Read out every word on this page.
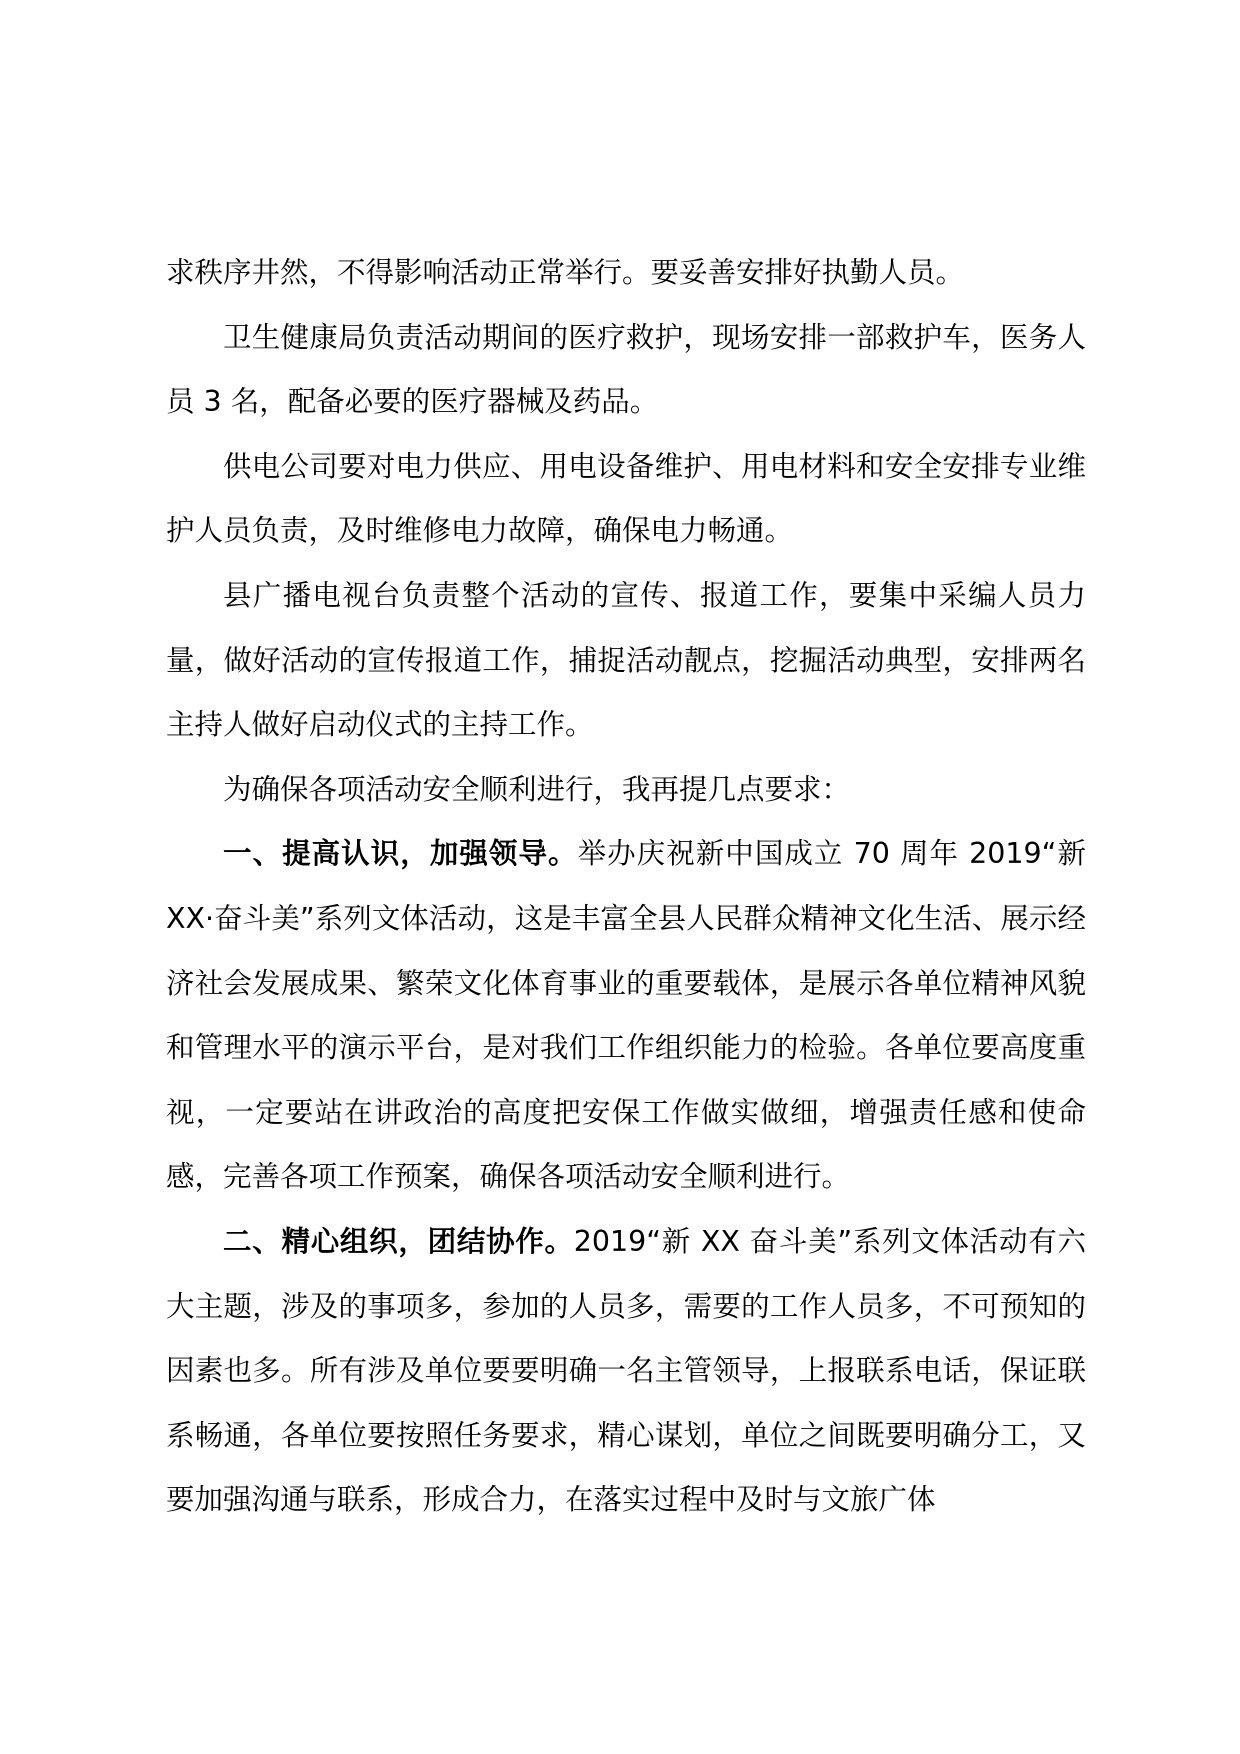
求秩序井然，不得影响活动正常举行。要妥善安排好执勤人员。

卫生健康局负责活动期间的医疗救护，现场安排一部救护车，医务人员 3 名，配备必要的医疗器械及药品。

供电公司要对电力供应、用电设备维护、用电材料和安全安排专业维护人员负责，及时维修电力故障，确保电力畅通。

县广播电视台负责整个活动的宣传、报道工作，要集中采编人员力量，做好活动的宣传报道工作，捕捉活动靓点，挖掘活动典型，安排两名主持人做好启动仪式的主持工作。

为确保各项活动安全顺利进行，我再提几点要求：

一、提高认识，加强领导。举办庆祝新中国成立 70 周年 2019“新XX·奋斗美”系列文体活动，这是丰富全县人民群众精神文化生活、展示经济社会发展成果、繁荣文化体育事业的重要载体，是展示各单位精神风貌和管理水平的演示平台，是对我们工作组织能力的检验。各单位要高度重视，一定要站在讲政治的高度把安保工作做实做细，增强责任感和使命感，完善各项工作预案，确保各项活动安全顺利进行。

二、精心组织，团结协作。2019“新 XX 奋斗美”系列文体活动有六大主题，涉及的事项多，参加的人员多，需要的工作人员多，不可预知的因素也多。所有涉及单位要要明确一名主管领导，上报联系电话，保证联系畅通，各单位要按照任务要求，精心谋划，单位之间既要明确分工，又要加强沟通与联系，形成合力，在落实过程中及时与文旅广体
